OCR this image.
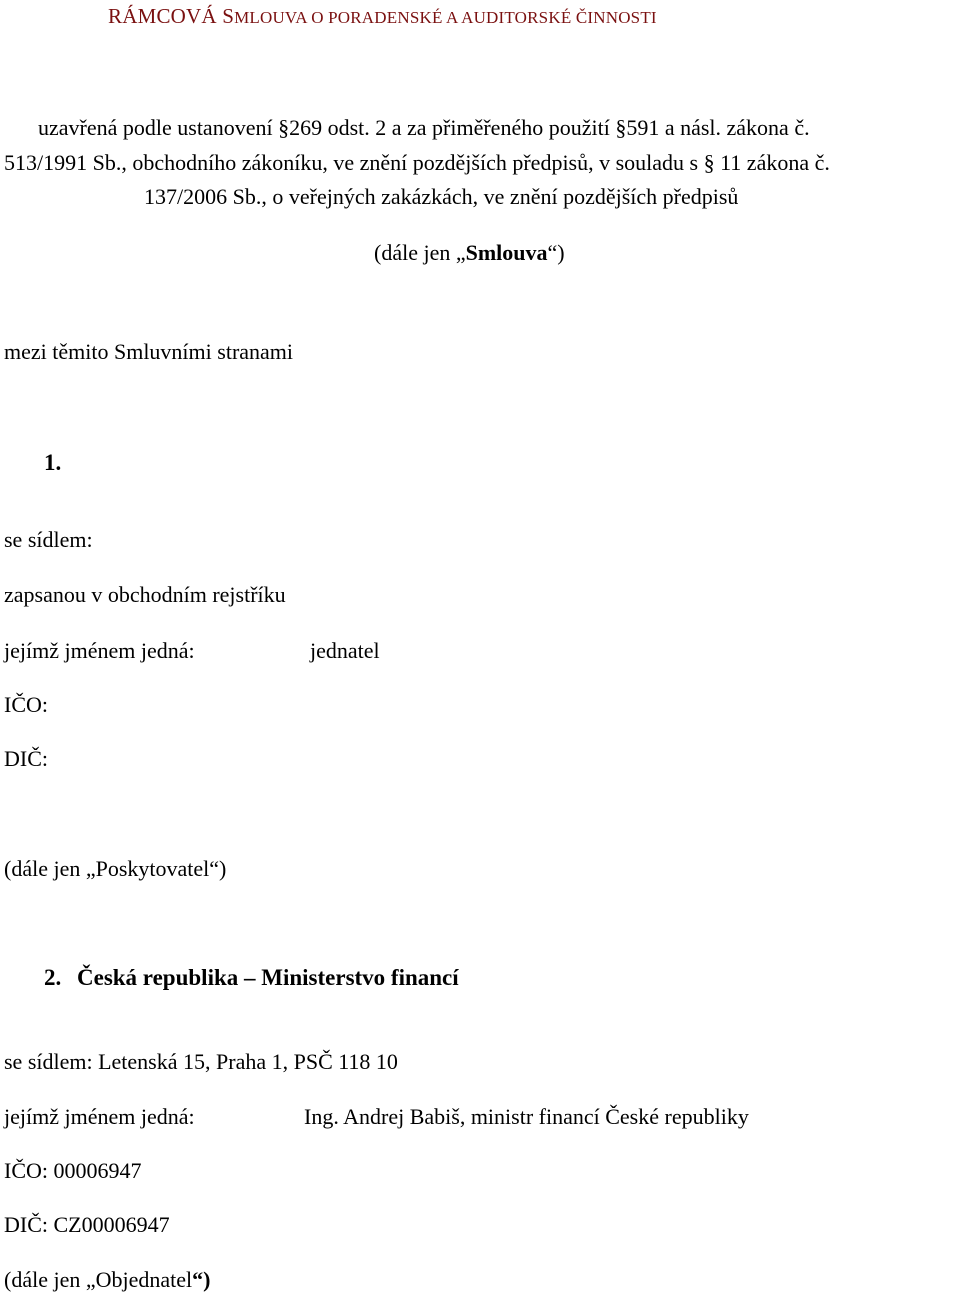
RÁMCOVÁ SMLOUVA O PORADENSKÉ A AUDITORSKÉ ČINNOSTI
uzavřená podle ustanovení §269 odst. 2 a za přiměřeného použití §591 a násl. zákona č.
513/1991 Sb., obchodního zákoníku, ve znění pozdějších předpisů, v souladu s § 11 zákona č.
137/2006 Sb., o veřejných zakázkách, ve znění pozdějších předpisů
(dále jen „Smlouva“)
mezi těmito Smluvními stranami
1.
se sídlem:
zapsanou v obchodním rejstříku
jejímž jménem jedná:	jednatel
IČO:
DIČ:
(dále jen „Poskytovatel“)
2. Česká republika – Ministerstvo financí
se sídlem: Letenská 15, Praha 1, PSČ 118 10
jejímž jménem jedná:	Ing. Andrej Babiš, ministr financí České republiky
IČO: 00006947
DIČ: CZ00006947
(dále jen „Objednatel“)
